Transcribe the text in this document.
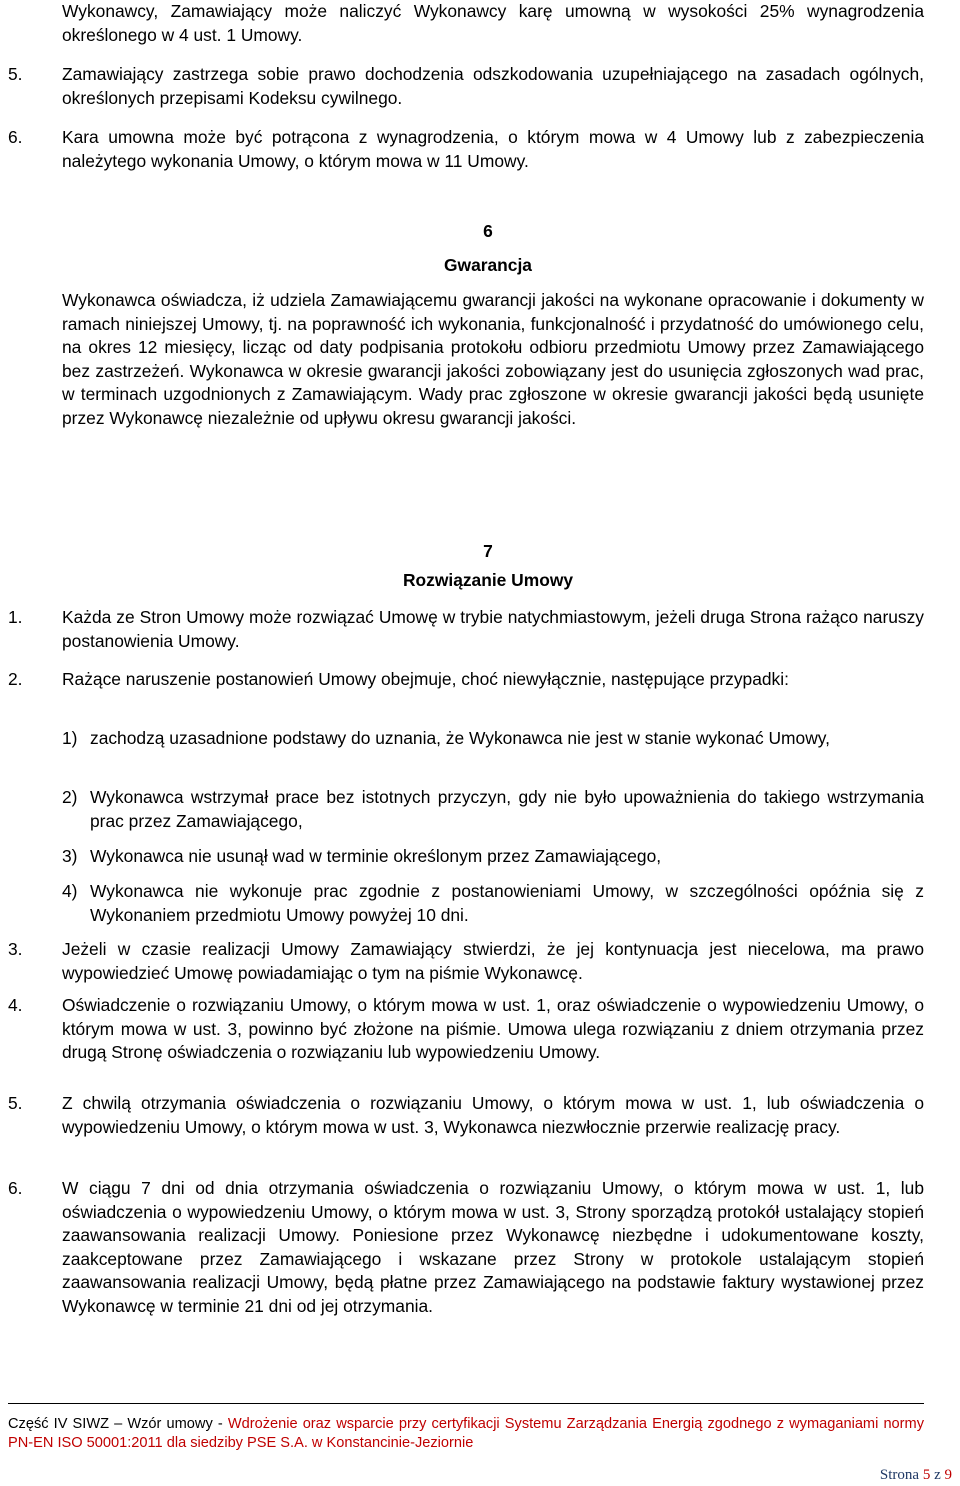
Wykonawcy, Zamawiający może naliczyć Wykonawcy karę umowną w wysokości 25% wynagrodzenia określonego w 4 ust. 1 Umowy.
5. Zamawiający zastrzega sobie prawo dochodzenia odszkodowania uzupełniającego na zasadach ogólnych, określonych przepisami Kodeksu cywilnego.
6. Kara umowna może być potrącona z wynagrodzenia, o którym mowa w 4 Umowy lub z zabezpieczenia należytego wykonania Umowy, o którym mowa w 11 Umowy.
6
Gwarancja
Wykonawca oświadcza, iż udziela Zamawiającemu gwarancji jakości na wykonane opracowanie i dokumenty w ramach niniejszej Umowy, tj. na poprawność ich wykonania, funkcjonalność i przydatność do umówionego celu, na okres 12 miesięcy, licząc od daty podpisania protokołu odbioru przedmiotu Umowy przez Zamawiającego bez zastrzeżeń. Wykonawca w okresie gwarancji jakości zobowiązany jest do usunięcia zgłoszonych wad prac, w terminach uzgodnionych z Zamawiającym. Wady prac zgłoszone w okresie gwarancji jakości będą usunięte przez Wykonawcę niezależnie od upływu okresu gwarancji jakości.
7
Rozwiązanie Umowy
1. Każda ze Stron Umowy może rozwiązać Umowę w trybie natychmiastowym, jeżeli druga Strona rażąco naruszy postanowienia Umowy.
2. Rażące naruszenie postanowień Umowy obejmuje, choć niewyłącznie, następujące przypadki:
1) zachodzą uzasadnione podstawy do uznania, że Wykonawca nie jest w stanie wykonać Umowy,
2) Wykonawca wstrzymał prace bez istotnych przyczyn, gdy nie było upoważnienia do takiego wstrzymania prac przez Zamawiającego,
3) Wykonawca nie usunął wad w terminie określonym przez Zamawiającego,
4) Wykonawca nie wykonuje prac zgodnie z postanowieniami Umowy, w szczególności opóźnia się z Wykonaniem przedmiotu Umowy powyżej 10 dni.
3. Jeżeli w czasie realizacji Umowy Zamawiający stwierdzi, że jej kontynuacja jest niecelowa, ma prawo wypowiedzieć Umowę powiadamiając o tym na piśmie Wykonawcę.
4. Oświadczenie o rozwiązaniu Umowy, o którym mowa w ust. 1, oraz oświadczenie o wypowiedzeniu Umowy, o którym mowa w ust. 3, powinno być złożone na piśmie. Umowa ulega rozwiązaniu z dniem otrzymania przez drugą Stronę oświadczenia o rozwiązaniu lub wypowiedzeniu Umowy.
5. Z chwilą otrzymania oświadczenia o rozwiązaniu Umowy, o którym mowa w ust. 1, lub oświadczenia o wypowiedzeniu Umowy, o którym mowa w ust. 3, Wykonawca niezwłocznie przerwie realizację pracy.
6. W ciągu 7 dni od dnia otrzymania oświadczenia o rozwiązaniu Umowy, o którym mowa w ust. 1, lub oświadczenia o wypowiedzeniu Umowy, o którym mowa w ust. 3, Strony sporządzą protokół ustalający stopień zaawansowania realizacji Umowy. Poniesione przez Wykonawcę niezbędne i udokumentowane koszty, zaakceptowane przez Zamawiającego i wskazane przez Strony w protokole ustalającym stopień zaawansowania realizacji Umowy, będą płatne przez Zamawiającego na podstawie faktury wystawionej przez Wykonawcę w terminie 21 dni od jej otrzymania.
Część IV SIWZ – Wzór umowy - Wdrożenie oraz wsparcie przy certyfikacji Systemu Zarządzania Energią zgodnego z wymaganiami normy PN-EN ISO 50001:2011 dla siedziby PSE S.A. w Konstancinie-Jeziornie
Strona 5 z 9
